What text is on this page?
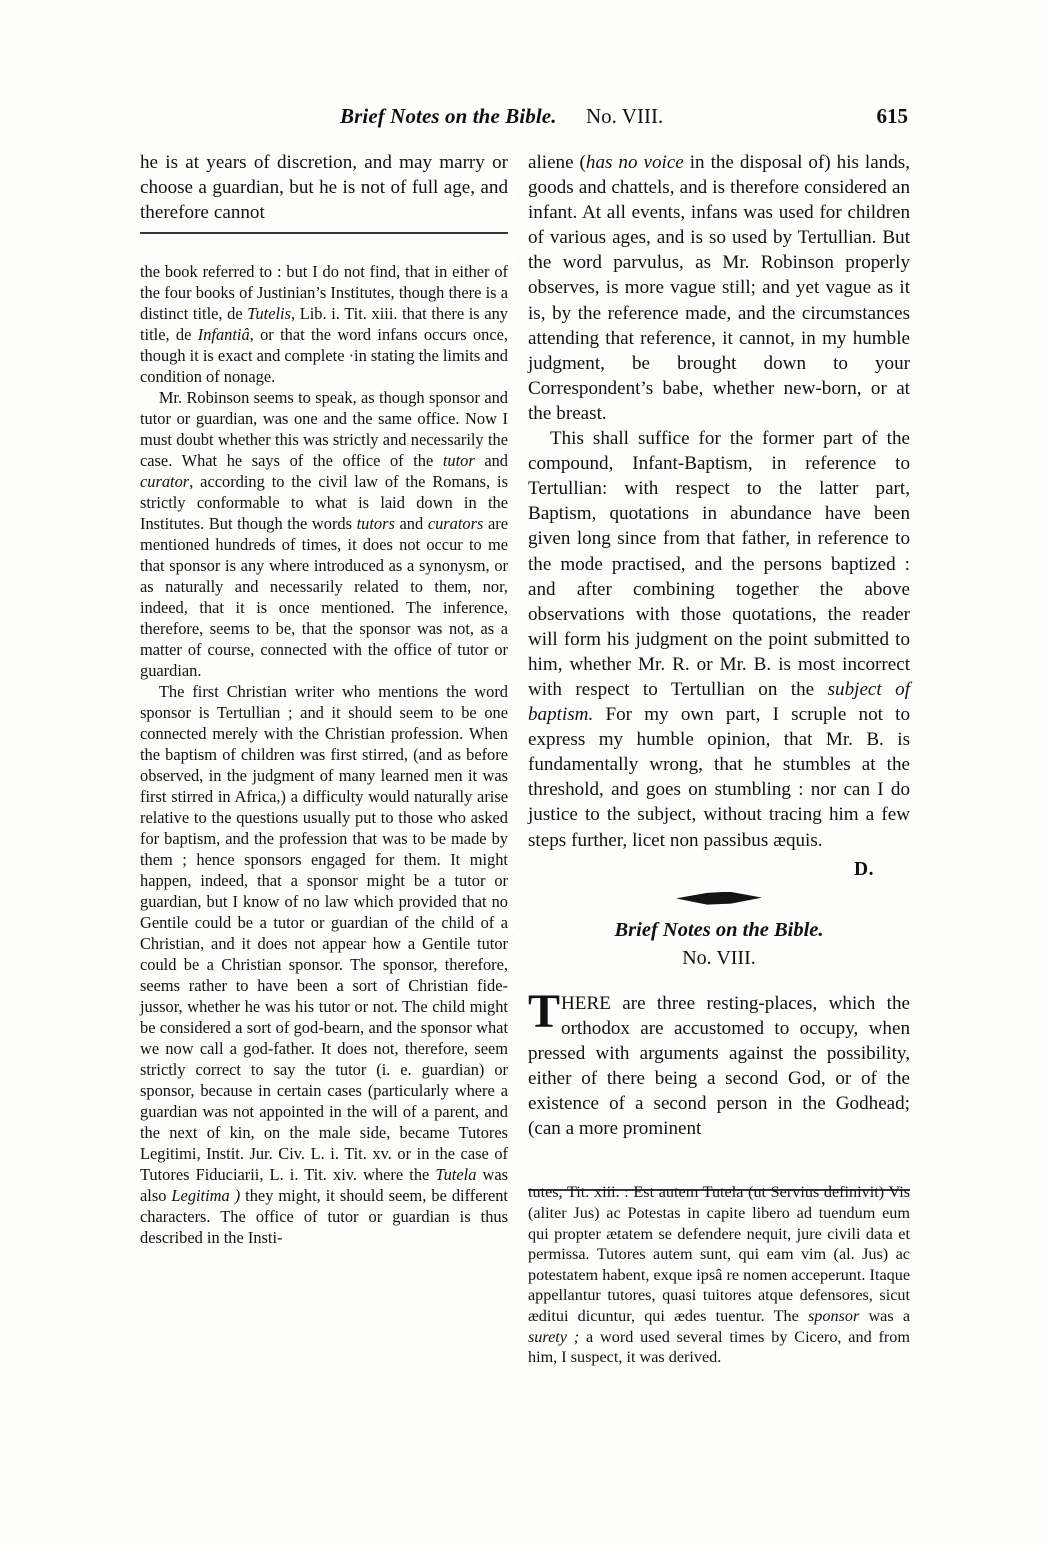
Brief Notes on the Bible. No. VIII.	615

he is at years of discretion, and may marry or choose a guardian, but he is not of full age, and therefore cannot

the book referred to : but I do not find, that in either of the four books of Justinian’s Institutes, though there is a distinct title, de Tutelis, Lib. i. Tit. xiii. that there is any title, de Infantiâ, or that the word infans occurs once, though it is exact and complete ·in stating the limits and condition of nonage.

Mr. Robinson seems to speak, as though sponsor and tutor or guardian, was one and the same office. Now I must doubt whether this was strictly and necessarily the case. What he says of the office of the tutor and curator, according to the civil law of the Romans, is strictly conformable to what is laid down in the Institutes. But though the words tutors and curators are mentioned hundreds of times, it does not occur to me that sponsor is any where introduced as a synonysm, or as naturally and necessarily related to them, nor, indeed, that it is once mentioned. The inference, therefore, seems to be, that the sponsor was not, as a matter of course, connected with the office of tutor or guardian.

The first Christian writer who mentions the word sponsor is Tertullian ; and it should seem to be one connected merely with the Christian profession. When the baptism of children was first stirred, (and as before observed, in the judgment of many learned men it was first stirred in Africa,) a difficulty would naturally arise relative to the questions usually put to those who asked for baptism, and the profession that was to be made by them ; hence sponsors engaged for them. It might happen, indeed, that a sponsor might be a tutor or guardian, but I know of no law which provided that no Gentile could be a tutor or guardian of the child of a Christian, and it does not appear how a Gentile tutor could be a Christian sponsor. The sponsor, therefore, seems rather to have been a sort of Christian fide-jussor, whether he was his tutor or not. The child might be considered a sort of god-bearn, and the sponsor what we now call a god-father. It does not, therefore, seem strictly correct to say the tutor (i. e. guardian) or sponsor, because in certain cases (particularly where a guardian was not appointed in the will of a parent, and the next of kin, on the male side, became Tutores Legitimi, Instit. Jur. Civ. L. i. Tit. xv. or in the case of Tutores Fiduciarii, L. i. Tit. xiv. where the Tutela was also Legitima ) they might, it should seem, be different characters. The office of tutor or guardian is thus described in the Insti-

aliene (has no voice in the disposal of) his lands, goods and chattels, and is therefore considered an infant. At all events, infans was used for children of various ages, and is so used by Tertullian. But the word parvulus, as Mr. Robinson properly observes, is more vague still; and yet vague as it is, by the reference made, and the circumstances attending that reference, it cannot, in my humble judgment, be brought down to your Correspondent’s babe, whether new-born, or at the breast.

This shall suffice for the former part of the compound, Infant-Baptism, in reference to Tertullian: with respect to the latter part, Baptism, quotations in abundance have been given long since from that father, in reference to the mode practised, and the persons baptized : and after combining together the above observations with those quotations, the reader will form his judgment on the point submitted to him, whether Mr. R. or Mr. B. is most incorrect with respect to Tertullian on the subject of baptism. For my own part, I scruple not to express my humble opinion, that Mr. B. is fundamentally wrong, that he stumbles at the threshold, and goes on stumbling : nor can I do justice to the subject, without tracing him a few steps further, licet non passibus æquis.

D.
Brief Notes on the Bible.
No. VIII.

THERE are three resting-places, which the orthodox are accustomed to occupy, when pressed with arguments against the possibility, either of there being a second God, or of the existence of a second person in the Godhead; (can a more prominent

tutes, Tit. xiii. : Est autem Tutela (ut Servius definivit) Vis (aliter Jus) ac Potestas in capite libero ad tuendum eum qui propter ætatem se defendere nequit, jure civili data et permissa. Tutores autem sunt, qui eam vim (al. Jus) ac potestatem habent, exque ipsâ re nomen acceperunt. Itaque appellantur tutores, quasi tuitores atque defensores, sicut æditui dicuntur, qui ædes tuentur. The sponsor was a surety ; a word used several times by Cicero, and from him, I suspect, it was derived.
